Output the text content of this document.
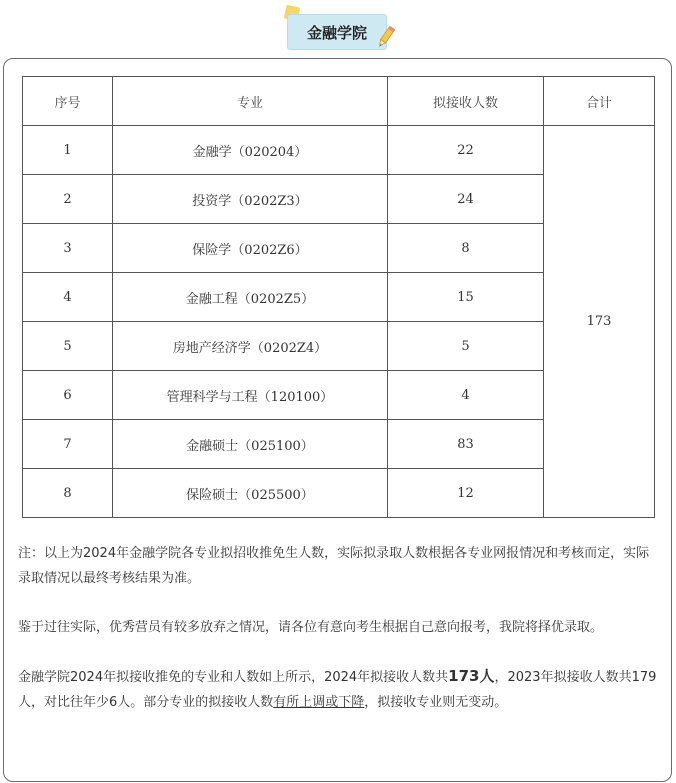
金融学院
序号	专业	拟接收人数	合计
1	金融学（020204）	22	173
2	投资学（0202Z3）	24	
3	保险学（0202Z6）	8	
4	金融工程（0202Z5）	15	
5	房地产经济学（0202Z4）	5	
6	管理科学与工程（120100）	4	
7	金融硕士（025100）	83	
8	保险硕士（025500）	12	

注：以上为2024年金融学院各专业拟招收推免生人数，实际拟录取人数根据各专业网报情况和考核而定，实际录取情况以最终考核结果为准。

鉴于过往实际，优秀营员有较多放弃之情况，请各位有意向考生根据自己意向报考，我院将择优录取。

金融学院2024年拟接收推免的专业和人数如上所示，2024年拟接收人数共173人，2023年拟接收人数共179人，对比往年少6人。部分专业的拟接收人数有所上调或下降，拟接收专业则无变动。
